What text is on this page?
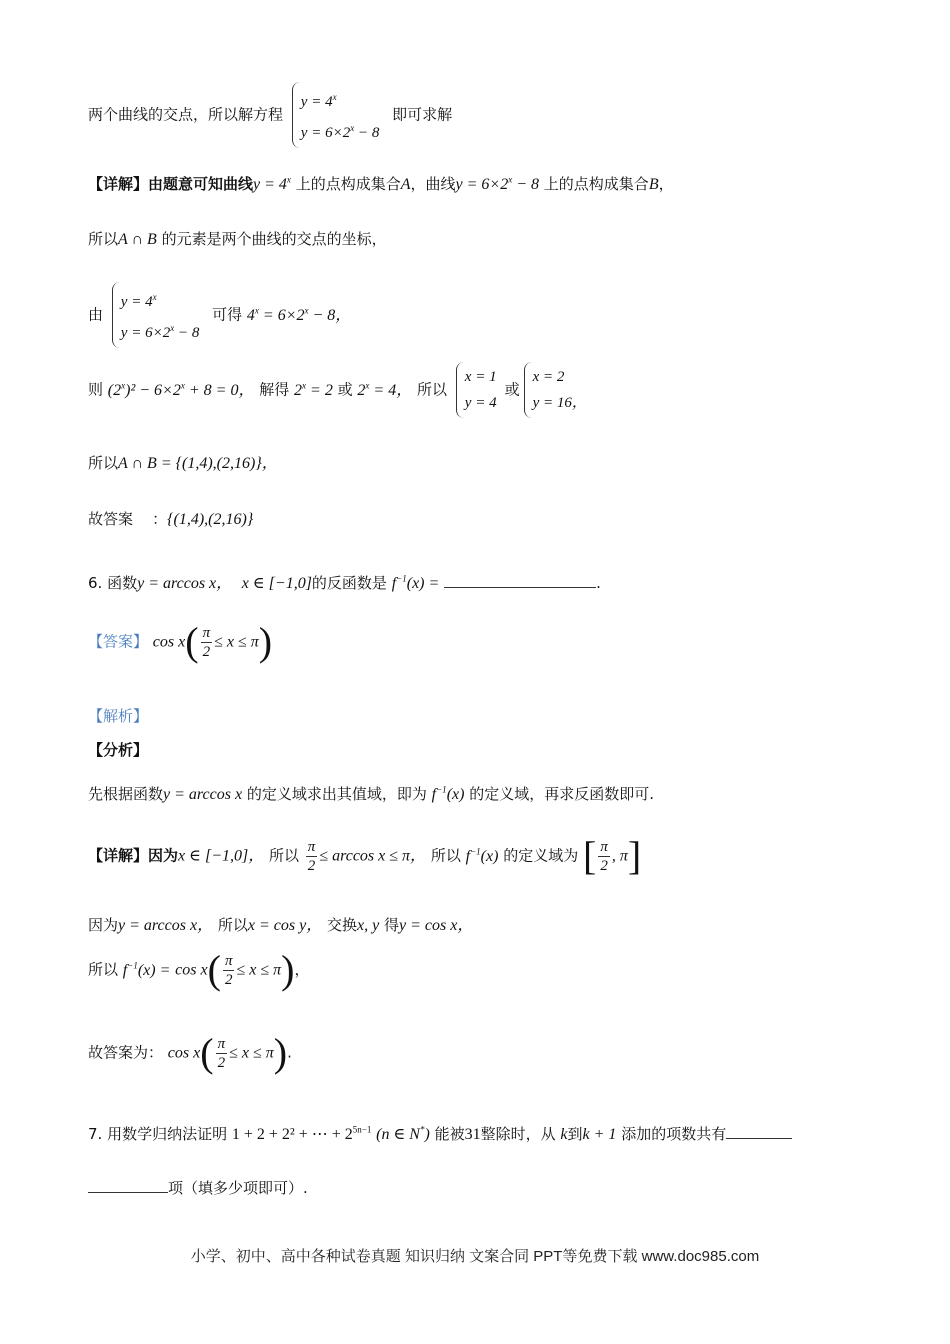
两个曲线的交点，所以解方程
$y = 4^x$
$y = 6\times 2^x - 8$
即可求解
【详解】由题意可知曲线$y = 4^x$ 上的点构成集合A，曲线$y = 6\times 2^x - 8$ 上的点构成集合B，
所以A ∩ B 的元素是两个曲线的交点的坐标，
由
$y = 4^x$
$y = 6\times 2^x - 8$
可得 $4^x = 6\times 2^x - 8$，
则 $(2^x)^2 - 6\times 2^x + 8 = 0$， 解得 $2^x = 2$ 或 $2^x = 4$， 所以
x = 1
y = 4
或
x = 2
y = 16，
所以A ∩ B = {(1,4),(2,16)}，
故答案 ：{(1,4),(2,16)}
6. 函数y = arccos x， x ∈ [−1,0]的反函数是 $f^{-1}(x)$ =	.
【答案】 $\cos x( \frac{\pi}{2} \le x \le \pi)$
【解析】
【分析】
先根据函数y = arccos x 的定义域求出其值域，即为 $f^{-1}(x)$ 的定义域，再求反函数即可.
【详解】因为x ∈ [−1,0]， 所以 $\frac{\pi}{2} \le \arccos x \le \pi$， 所以 $f^{-1}(x)$ 的定义域为 [ $\frac{\pi}{2}$ , π]
因为y = arccos x， 所以x = cos y， 交换x, y 得y = cos x，
所以 $f^{-1}(x) = \cos x( \frac{\pi}{2} \le x \le \pi)$，
故答案为： $\cos x( \frac{\pi}{2} \le x \le \pi)$.
7. 用数学归纳法证明 1 + 2 + 2² + ⋯ + $2^{5n-1}$ (n ∈ N*) 能被31整除时，从 k到k + 1 添加的项数共有
项（填多少项即可）.
小学、初中、高中各种试卷真题 知识归纳 文案合同 PPT等免费下载 www.doc985.com
